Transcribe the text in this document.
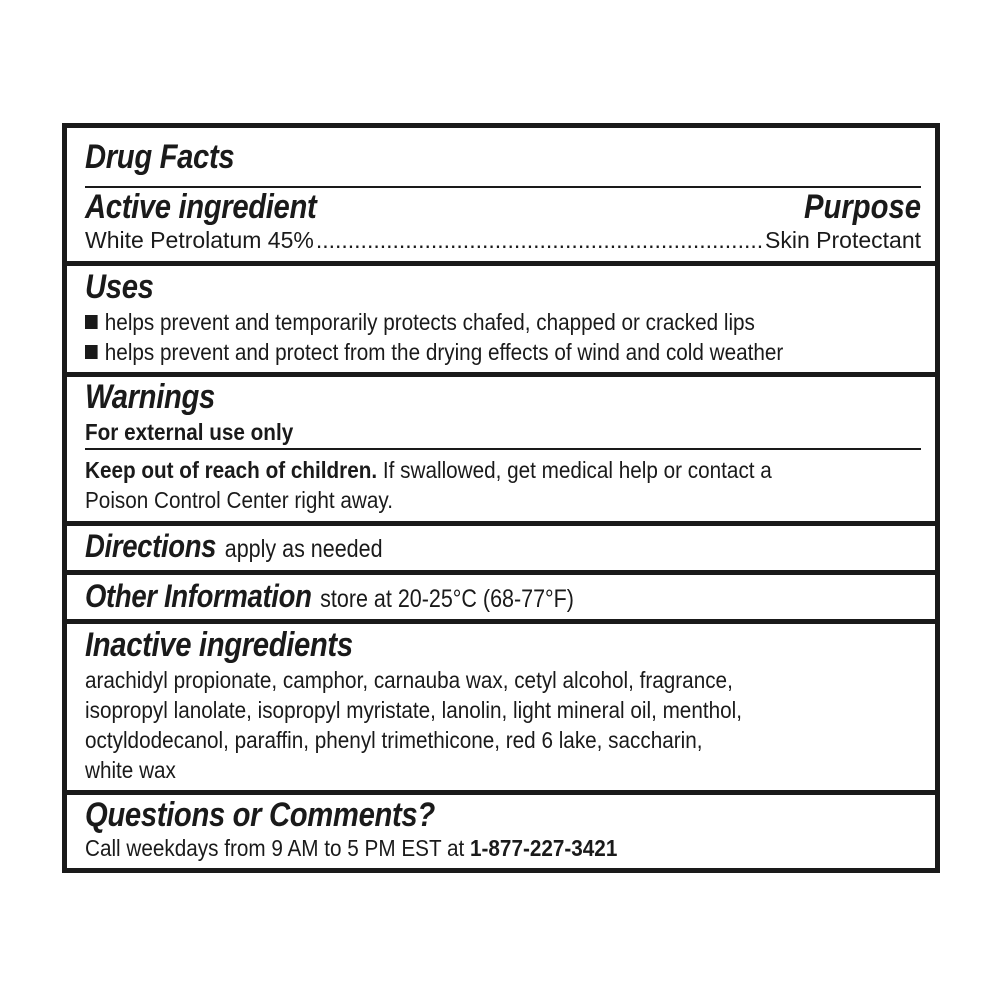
Drug Facts
Active ingredient	Purpose
White Petrolatum 45%
.....	Skin Protectant
Uses
helps prevent and temporarily protects chafed, chapped or cracked lips
helps prevent and protect from the drying effects of wind and cold weather
Warnings
For external use only
Keep out of reach of children. If swallowed, get medical help or contact a
Poison Control Center right away.
Directions apply as needed
Other Information store at 20-25°C (68-77°F)
Inactive ingredients
arachidyl propionate, camphor, carnauba wax, cetyl alcohol, fragrance,
isopropyl lanolate, isopropyl myristate, lanolin, light mineral oil, menthol,
octyldodecanol, paraffin, phenyl trimethicone, red 6 lake, saccharin,
white wax
Questions or Comments?
Call weekdays from 9 AM to 5 PM EST at 1-877-227-3421
